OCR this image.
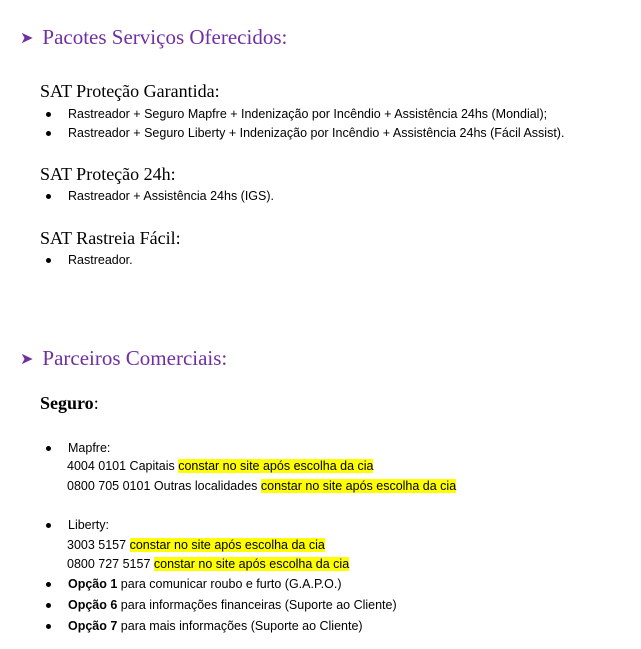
➤ Pacotes Serviços Oferecidos:
SAT Proteção Garantida:
Rastreador + Seguro Mapfre + Indenização por Incêndio + Assistência 24hs (Mondial);
Rastreador + Seguro Liberty + Indenização por Incêndio + Assistência 24hs (Fácil Assist).
SAT Proteção 24h:
Rastreador + Assistência 24hs (IGS).
SAT Rastreia Fácil:
Rastreador.
➤ Parceiros Comerciais:
Seguro:
Mapfre:
4004 0101 Capitais constar no site após escolha da cia
0800 705 0101 Outras localidades constar no site após escolha da cia
Liberty:
3003 5157 constar no site após escolha da cia
0800 727 5157 constar no site após escolha da cia
Opção 1 para comunicar roubo e furto (G.A.P.O.)
Opção 6 para informações financeiras (Suporte ao Cliente)
Opção 7 para mais informações (Suporte ao Cliente)
